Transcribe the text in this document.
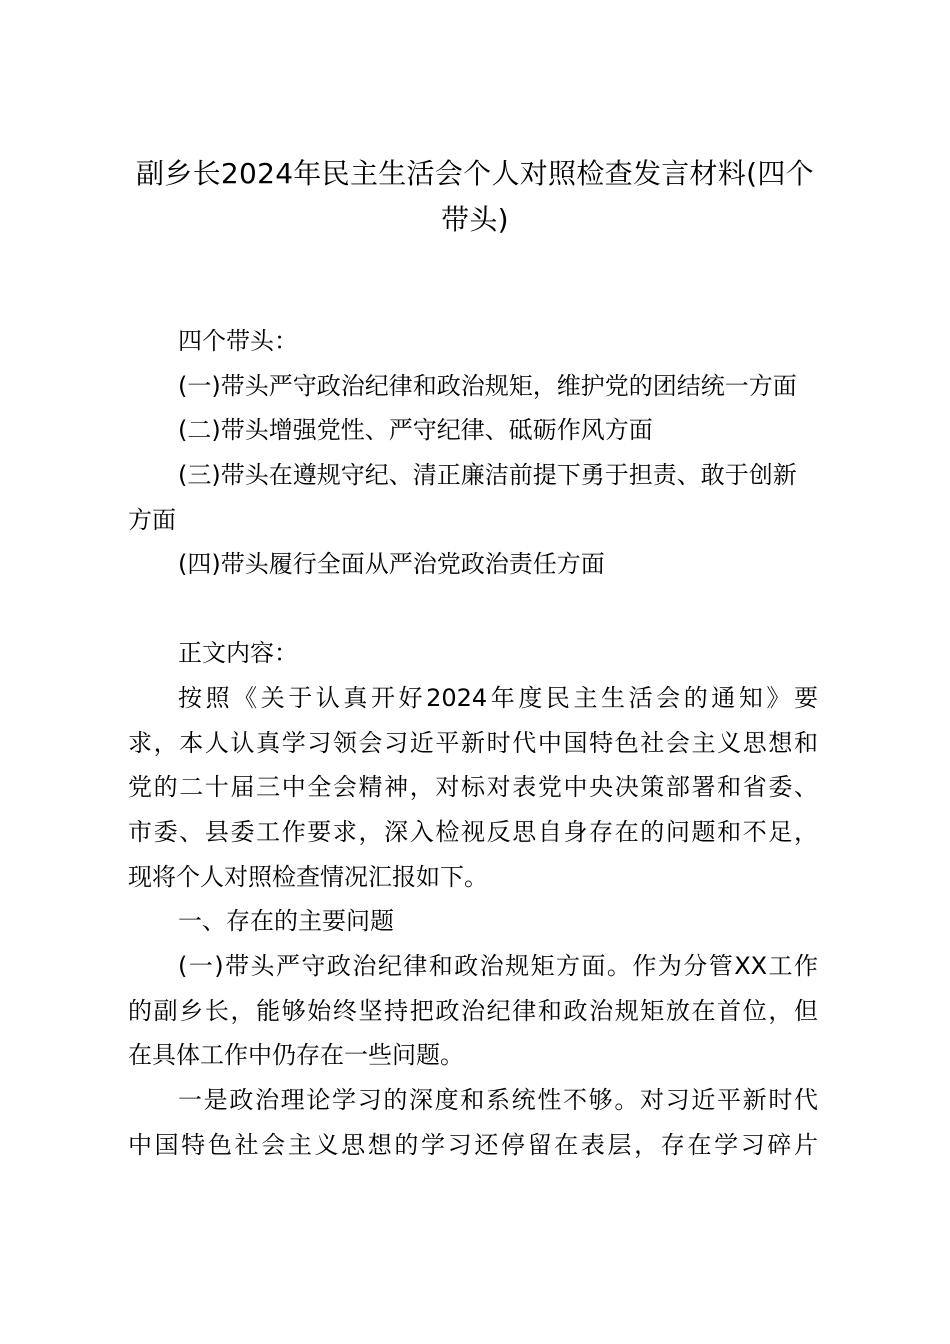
副乡长2024年民主生活会个人对照检查发言材料(四个
带头)
四个带头：
(一)带头严守政治纪律和政治规矩，维护党的团结统一方面
(二)带头增强党性、严守纪律、砥砺作风方面
(三)带头在遵规守纪、清正廉洁前提下勇于担责、敢于创新
方面
(四)带头履行全面从严治党政治责任方面
正文内容：
按照《关于认真开好2024年度民主生活会的通知》要
求，本人认真学习领会习近平新时代中国特色社会主义思想和
党的二十届三中全会精神，对标对表党中央决策部署和省委、
市委、县委工作要求，深入检视反思自身存在的问题和不足，
现将个人对照检查情况汇报如下。
一、存在的主要问题
(一)带头严守政治纪律和政治规矩方面。作为分管XX工作
的副乡长，能够始终坚持把政治纪律和政治规矩放在首位，但
在具体工作中仍存在一些问题。
一是政治理论学习的深度和系统性不够。对习近平新时代
中国特色社会主义思想的学习还停留在表层，存在学习碎片
